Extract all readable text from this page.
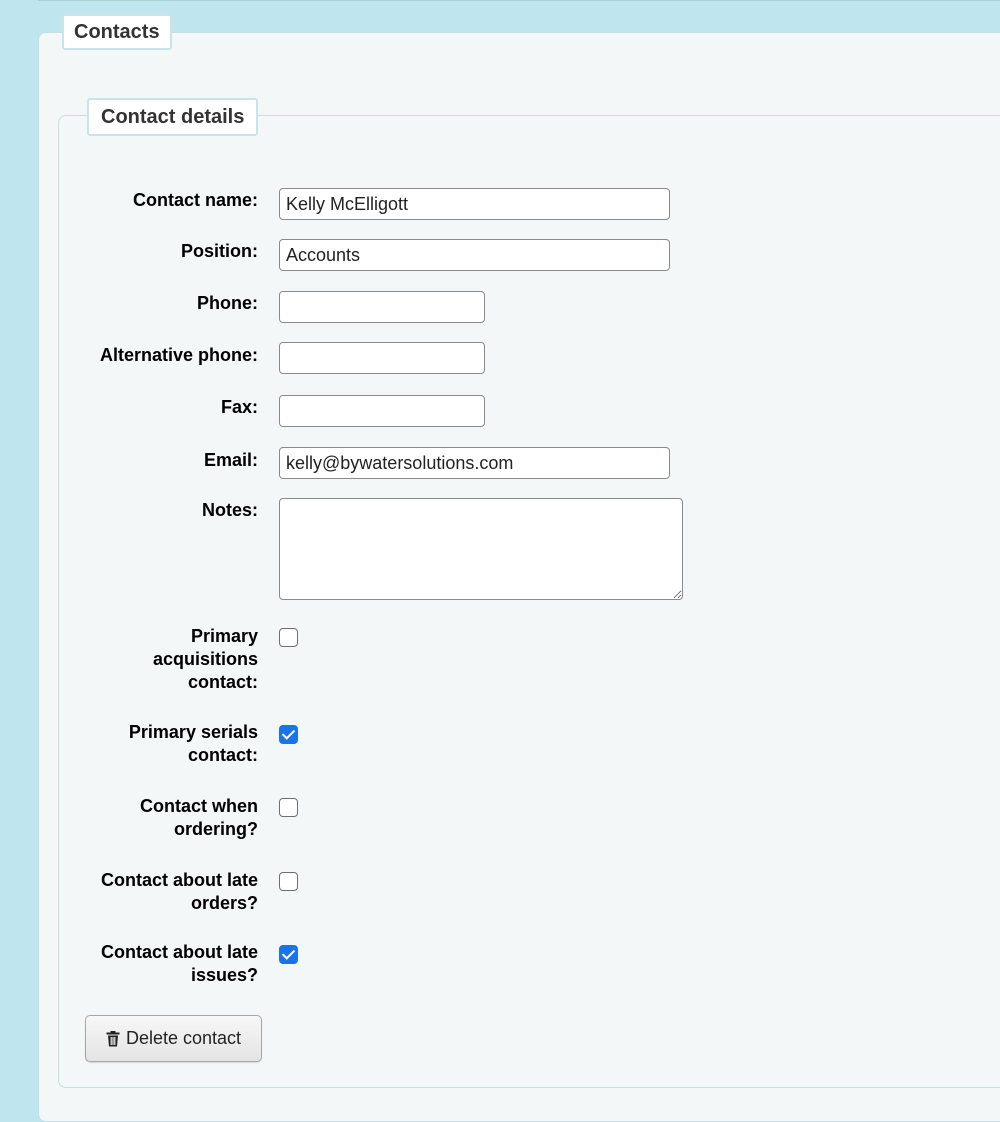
Contacts
Contact details
Contact name:
Kelly McElligott
Position:
Accounts
Phone:
Alternative phone:
Fax:
Email:
kelly@bywatersolutions.com
Notes:
Primary
acquisitions
contact:
Primary serials
contact:
Contact when
ordering?
Contact about late
orders?
Contact about late
issues?
Delete contact
